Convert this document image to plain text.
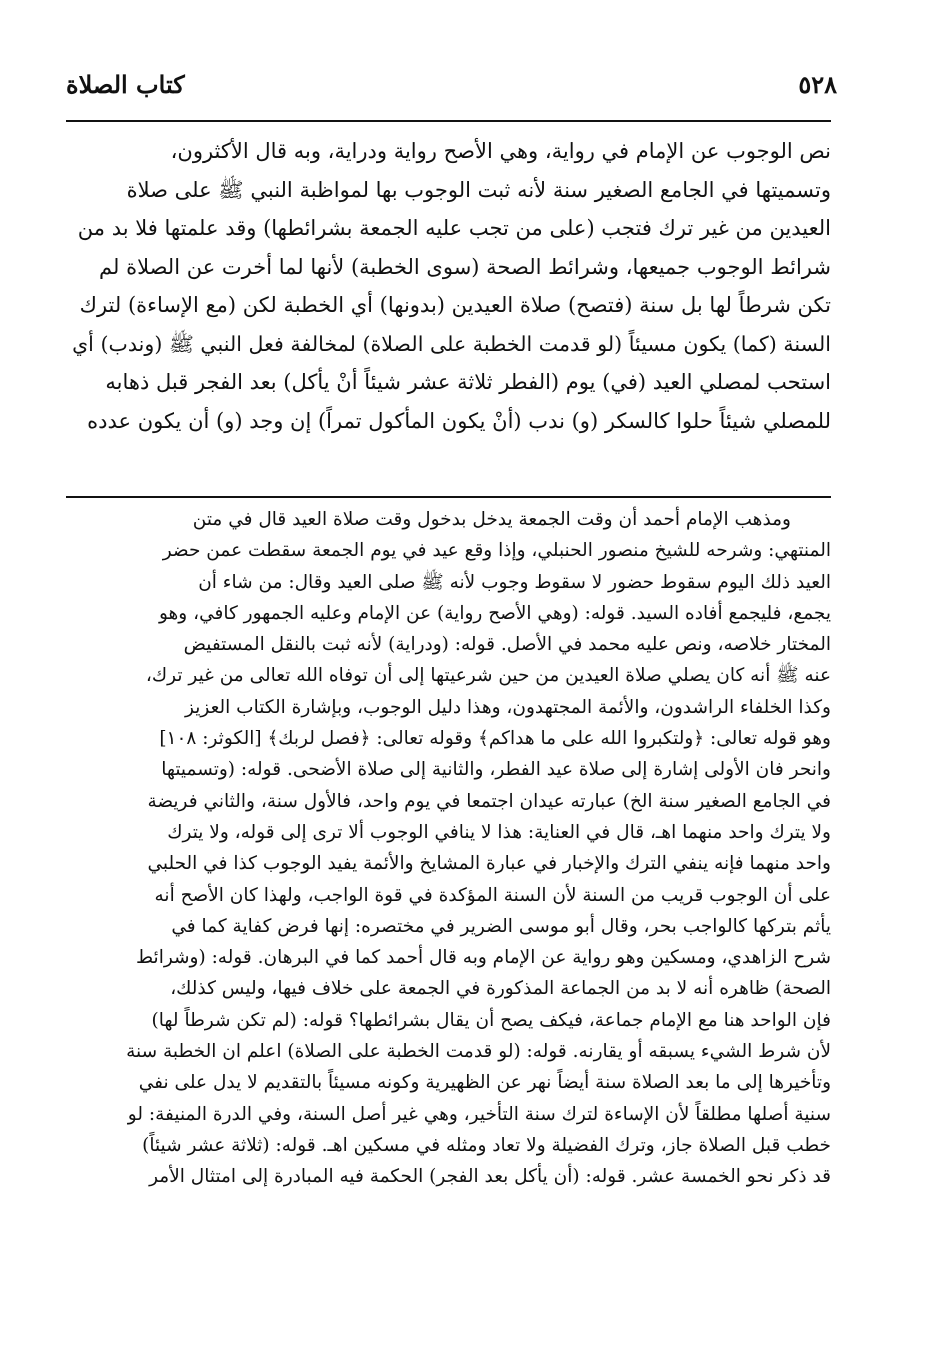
٥٢٨
كتاب الصلاة
نص الوجوب عن الإمام في رواية، وهي الأصح رواية ودراية، وبه قال الأكثرون،
وتسميتها في الجامع الصغير سنة لأنه ثبت الوجوب بها لمواظبة النبي ﷺ على صلاة
العيدين من غير ترك فتجب (على من تجب عليه الجمعة بشرائطها) وقد علمتها فلا بد من
شرائط الوجوب جميعها، وشرائط الصحة (سوى الخطبة) لأنها لما أخرت عن الصلاة لم
تكن شرطاً لها بل سنة (فتصح) صلاة العيدين (بدونها) أي الخطبة لكن (مع الإساءة) لترك
السنة (كما) يكون مسيئاً (لو قدمت الخطبة على الصلاة) لمخالفة فعل النبي ﷺ (وندب) أي
استحب لمصلي العيد (في) يوم (الفطر ثلاثة عشر شيئاً أنْ يأكل) بعد الفجر قبل ذهابه
للمصلي شيئاً حلوا كالسكر (و) ندب (أنْ يكون المأكول تمراً) إن وجد (و) أن يكون عدده
ومذهب الإمام أحمد أن وقت الجمعة يدخل بدخول وقت صلاة العيد قال في متن
المنتهي: وشرحه للشيخ منصور الحنبلي، وإذا وقع عيد في يوم الجمعة سقطت عمن حضر
العيد ذلك اليوم سقوط حضور لا سقوط وجوب لأنه ﷺ صلى العيد وقال: من شاء أن
يجمع، فليجمع أفاده السيد. قوله: (وهي الأصح رواية) عن الإمام وعليه الجمهور كافي، وهو
المختار خلاصه، ونص عليه محمد في الأصل. قوله: (ودراية) لأنه ثبت بالنقل المستفيض
عنه ﷺ أنه كان يصلي صلاة العيدين من حين شرعيتها إلى أن توفاه الله تعالى من غير ترك،
وكذا الخلفاء الراشدون، والأئمة المجتهدون، وهذا دليل الوجوب، وبإشارة الكتاب العزيز
وهو قوله تعالى: ﴿ولتكبروا الله على ما هداكم﴾ وقوله تعالى: ﴿فصل لربك﴾ [الكوثر: ١٠٨]
وانحر فان الأولى إشارة إلى صلاة عيد الفطر، والثانية إلى صلاة الأضحى. قوله: (وتسميتها
في الجامع الصغير سنة الخ) عبارته عيدان اجتمعا في يوم واحد، فالأول سنة، والثاني فريضة
ولا يترك واحد منهما اهـ، قال في العناية: هذا لا ينافي الوجوب ألا ترى إلى قوله، ولا يترك
واحد منهما فإنه ينفي الترك والإخبار في عبارة المشايخ والأئمة يفيد الوجوب كذا في الحلبي
على أن الوجوب قريب من السنة لأن السنة المؤكدة في قوة الواجب، ولهذا كان الأصح أنه
يأثم بتركها كالواجب بحر، وقال أبو موسى الضرير في مختصره: إنها فرض كفاية كما في
شرح الزاهدي، ومسكين وهو رواية عن الإمام وبه قال أحمد كما في البرهان. قوله: (وشرائط
الصحة) ظاهره أنه لا بد من الجماعة المذكورة في الجمعة على خلاف فيها، وليس كذلك،
فإن الواحد هنا مع الإمام جماعة، فيكف يصح أن يقال بشرائطها؟ قوله: (لم تكن شرطاً لها)
لأن شرط الشيء يسبقه أو يقارنه. قوله: (لو قدمت الخطبة على الصلاة) اعلم ان الخطبة سنة
وتأخيرها إلى ما بعد الصلاة سنة أيضاً نهر عن الظهيرية وكونه مسيئاً بالتقديم لا يدل على نفي
سنية أصلها مطلقاً لأن الإساءة لترك سنة التأخير، وهي غير أصل السنة، وفي الدرة المنيفة: لو
خطب قبل الصلاة جاز، وترك الفضيلة ولا تعاد ومثله في مسكين اهـ. قوله: (ثلاثة عشر شيئاً)
قد ذكر نحو الخمسة عشر. قوله: (أن يأكل بعد الفجر) الحكمة فيه المبادرة إلى امتثال الأمر
